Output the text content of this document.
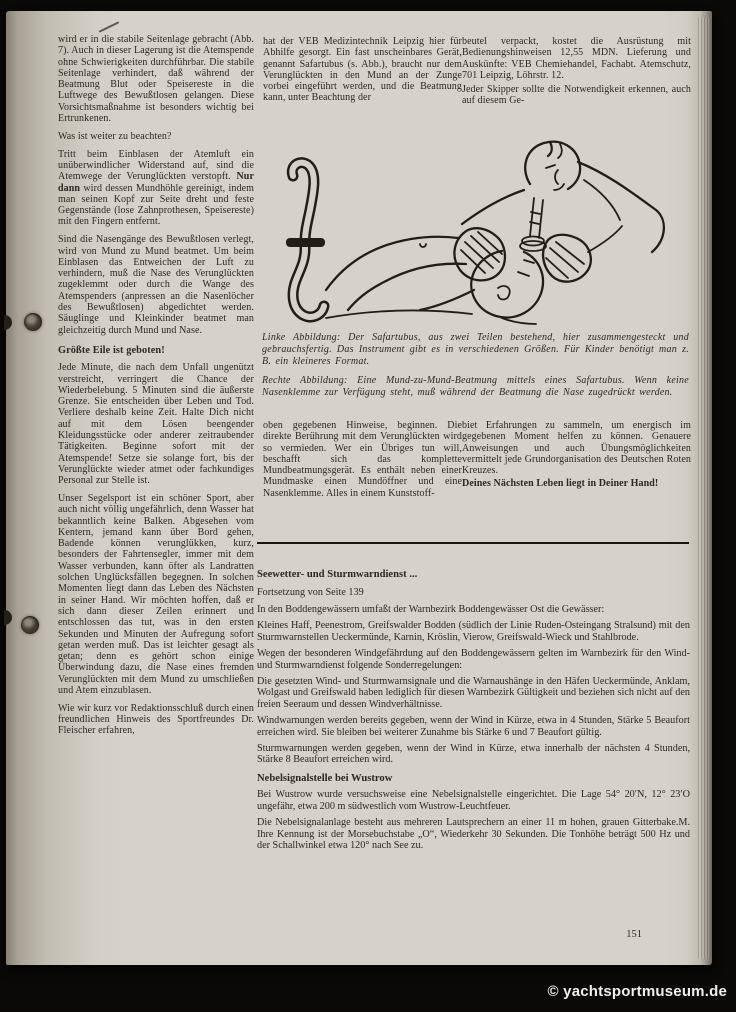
wird er in die stabile Seitenlage gebracht (Abb. 7). Auch in dieser Lagerung ist die Atemspende ohne Schwierigkeiten durchführbar. Die stabile Seitenlage verhindert, daß während der Beatmung Blut oder Speisereste in die Luftwege des Bewußtlosen gelangen. Diese Vorsichtsmaßnahme ist besonders wichtig bei Ertrunkenen.

Was ist weiter zu beachten?

Tritt beim Einblasen der Atemluft ein unüberwindlicher Widerstand auf, sind die Atemwege der Verunglückten verstopft. Nur dann wird dessen Mundhöhle gereinigt, indem man seinen Kopf zur Seite dreht und feste Gegenstände (lose Zahnprothesen, Speisereste) mit den Fingern entfernt.

Sind die Nasengänge des Bewußtlosen verlegt, wird von Mund zu Mund beatmet. Um beim Einblasen das Entweichen der Luft zu verhindern, muß die Nase des Verunglückten zugeklemmt oder durch die Wange des Atemspenders (anpressen an die Nasenlöcher des Bewußtlosen) abgedichtet werden. Säuglinge und Kleinkinder beatmet man gleichzeitig durch Mund und Nase.

Größte Eile ist geboten!

Jede Minute, die nach dem Unfall ungenützt verstreicht, verringert die Chance der Wiederbelebung. 5 Minuten sind die äußerste Grenze. Sie entscheiden über Leben und Tod. Verliere deshalb keine Zeit. Halte Dich nicht auf mit dem Lösen beengender Kleidungsstücke oder anderer zeitraubender Tätigkeiten. Beginne sofort mit der Atemspende! Setze sie solange fort, bis der Verunglückte wieder atmet oder fachkundiges Personal zur Stelle ist.

Unser Segelsport ist ein schöner Sport, aber auch nicht völlig ungefährlich, denn Wasser hat bekanntlich keine Balken. Abgesehen vom Kentern, jemand kann über Bord gehen, Badende können verunglükken, kurz, besonders der Fahrtensegler, immer mit dem Wasser verbunden, kann öfter als Landratten solchen Unglücksfällen begegnen. In solchen Momenten liegt dann das Leben des Nächsten in seiner Hand. Wir möchten hoffen, daß er sich dann dieser Zeilen erinnert und entschlossen das tut, was in den ersten Sekunden und Minuten der Aufregung sofort getan werden muß. Das ist leichter gesagt als getan; denn es gehört schon einige Überwindung dazu, die Nase eines fremden Verunglückten mit dem Mund zu umschließen und Atem einzublasen.

Wie wir kurz vor Redaktionsschluß durch einen freundlichen Hinweis des Sportfreundes Dr. Fleischer erfahren,

hat der VEB Medizintechnik Leipzig hier für Abhilfe gesorgt. Ein fast unscheinbares Gerät, genannt Safartubus (s. Abb.), braucht nur dem Verunglückten in den Mund an der Zunge vorbei eingeführt werden, und die Beatmung kann, unter Beachtung der

beutel verpackt, kostet die Ausrüstung mit Bedienungshinweisen 12,55 MDN. Lieferung und Auskünfte: VEB Chemiehandel, Fachabt. Atemschutz, 701 Leipzig, Löhrstr. 12.

Jeder Skipper sollte die Notwendigkeit erkennen, auch auf diesem Ge-

Linke Abbildung: Der Safartubus, aus zwei Teilen bestehend, hier zusammengesteckt und gebrauchsfertig. Das Instrument gibt es in verschiedenen Größen. Für Kinder benötigt man z. B. ein kleineres Format.

Rechte Abbildung: Eine Mund-zu-Mund-Beatmung mittels eines Safartubus. Wenn keine Nasenklemme zur Verfügung steht, muß während der Beatmung die Nase zugedrückt werden.

oben gegebenen Hinweise, beginnen. Die direkte Berührung mit dem Verunglückten wird so vermieden. Wer ein Übriges tun will, beschafft sich das komplette Mundbeatmungsgerät. Es enthält neben einer Mundmaske einen Mundöffner und eine Nasenklemme. Alles in einem Kunststoff-

biet Erfahrungen zu sammeln, um energisch im gegebenen Moment helfen zu können. Genauere Anweisungen und auch Übungsmöglichkeiten vermittelt jede Grundorganisation des Deutschen Roten Kreuzes.

Deines Nächsten Leben liegt in Deiner Hand!

Seewetter- und Sturmwarndienst ...

Fortsetzung von Seite 139

In den Boddengewässern umfaßt der Warnbezirk Boddengewässer Ost die Gewässer:

Kleines Haff, Peenestrom, Greifswalder Bodden (südlich der Linie Ruden-Osteingang Stralsund) mit den Sturmwarnstellen Ueckermünde, Karnin, Kröslin, Vierow, Greifswald-Wieck und Stahlbrode.

Wegen der besonderen Windgefährdung auf den Boddengewässern gelten im Warnbezirk für den Wind- und Sturmwarndienst folgende Sonderregelungen:

Die gesetzten Wind- und Sturmwarnsignale und die Warnaushänge in den Häfen Ueckermünde, Anklam, Wolgast und Greifswald haben lediglich für diesen Warnbezirk Gültigkeit und beziehen sich nicht auf den freien Seeraum und dessen Windverhältnisse.

Windwarnungen werden bereits gegeben, wenn der Wind in Kürze, etwa in 4 Stunden, Stärke 5 Beaufort erreichen wird. Sie bleiben bei weiterer Zunahme bis Stärke 6 und 7 Beaufort gültig.

Sturmwarnungen werden gegeben, wenn der Wind in Kürze, etwa innerhalb der nächsten 4 Stunden, Stärke 8 Beaufort erreichen wird.

Nebelsignalstelle bei Wustrow

Bei Wustrow wurde versuchsweise eine Nebelsignalstelle eingerichtet. Die Lage 54° 20′N, 12° 23′O ungefähr, etwa 200 m südwestlich vom Wustrow-Leuchtfeuer.

M.
Die Nebelsignalanlage besteht aus mehreren Lautsprechern an einer 11 m hohen, grauen Gitterbake. Ihre Kennung ist der Morsebuchstabe „O“, Wiederkehr 30 Sekunden. Die Tonhöhe beträgt 500 Hz und der Schallwinkel etwa 120° nach See zu.

151
© yachtsportmuseum.de
